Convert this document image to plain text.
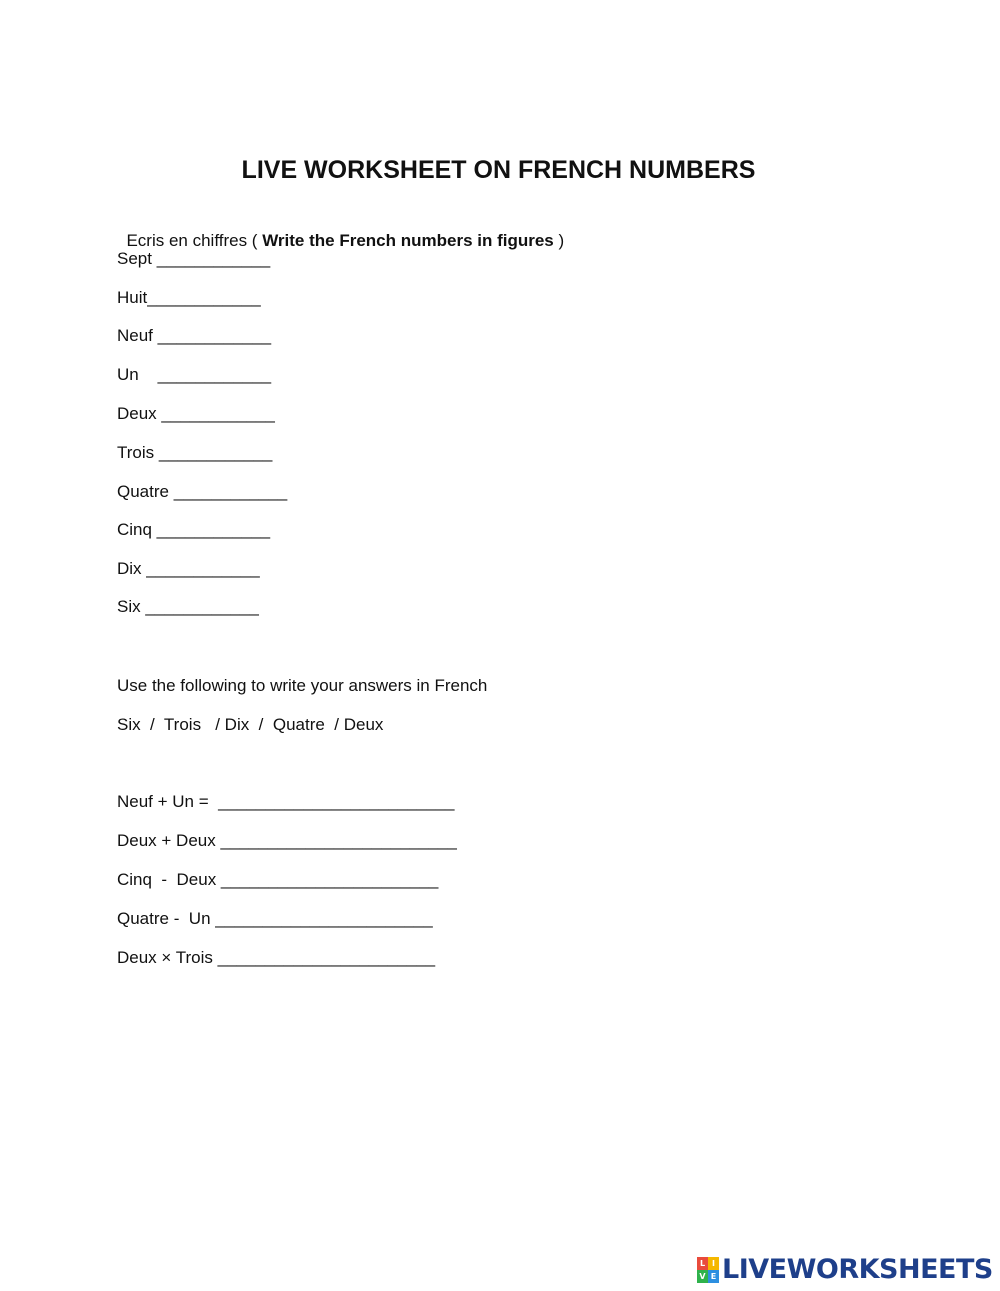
LIVE WORKSHEET ON FRENCH NUMBERS

Ecris en chiffres ( Write the French numbers in figures )

Sept ____________
Huit____________
Neuf ____________
Un    ____________
Deux ____________
Trois ____________
Quatre ____________
Cinq ____________
Dix ____________
Six ____________
Use the following to write your answers in French
Six  /  Trois   / Dix  /  Quatre  / Deux
Neuf + Un =  _________________________
Deux + Deux _________________________
Cinq  -  Deux _______________________
Quatre -  Un _______________________
Deux × Trois _______________________
L I
V E LIVEWORKSHEETS
